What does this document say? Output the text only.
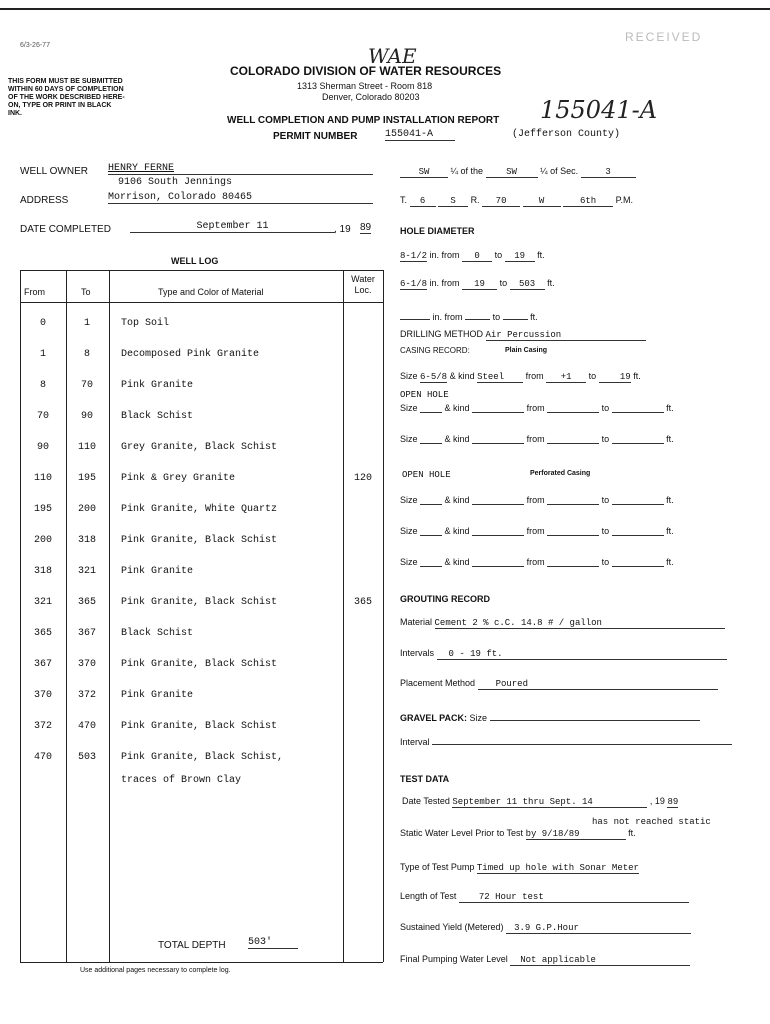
6/3-26-77
RECEIVED
THIS FORM MUST BE SUBMITTED
WITHIN 60 DAYS OF COMPLETION
OF THE WORK DESCRIBED HERE-
ON, TYPE OR PRINT IN BLACK
INK.
WAE
COLORADO DIVISION OF WATER RESOURCES
1313 Sherman Street - Room 818
Denver, Colorado 80203
WELL COMPLETION AND PUMP INSTALLATION REPORT 155041-A
PERMIT NUMBER	155041-A	(Jefferson County)
WELL OWNER HENRY FERNE
9106 South Jennings
ADDRESS	Morrison, Colorado 80465
DATE COMPLETED	September 11	, 19 89
SW ¼ of the	SW	¼ of Sec.	3
T. 6	S R. 70	W	6th P.M.
WELL LOG
From	To	Type and Color of Material
Water Loc.
0	1	Top Soil
1	8	Decomposed Pink Granite
8	70	Pink Granite
70	90	Black Schist
90	110	Grey Granite, Black Schist
110	195	Pink & Grey Granite	120
195	200	Pink Granite, White Quartz
200	318	Pink Granite, Black Schist
318	321	Pink Granite
321	365	Pink Granite, Black Schist	365
365	367	Black Schist
367	370	Pink Granite, Black Schist
370	372	Pink Granite
372	470	Pink Granite, Black Schist
470	503	Pink Granite, Black Schist,
traces of Brown Clay
TOTAL DEPTH 503'
Use additional pages necessary to complete log.
HOLE DIAMETER
8-1/2 in. from 0 to 19 ft.
6-1/8 in. from 19 to 503 ft.
in. from	to	ft.
DRILLING METHOD Air Percussion
CASING RECORD:	Plain Casing
Size 6-5/8 & kind Steel from +1 to	19 ft.
OPEN HOLE
Size	& kind	from	to	ft.
Size	& kind	from	to	ft.
Size	& kind	from	to	ft.
Size	& kind	from	to	ft.
Size	& kind	from	to	ft.
OPEN HOLE	Perforated Casing
GROUTING RECORD
Material Cement 2 % c.C. 14.8 # / gallon
Intervals 0 - 19 ft.
Placement Method Poured
GRAVEL PACK: Size
Interval
TEST DATA
Date Tested September 11 thru Sept. 14	, 19 89
has not reached static
Static Water Level Prior to Test by 9/18/89	ft.
Type of Test Pump Timed up hole with Sonar Meter
Length of Test	72 Hour test
Sustained Yield (Metered) 3.9 G.P.Hour
Final Pumping Water Level Not applicable
